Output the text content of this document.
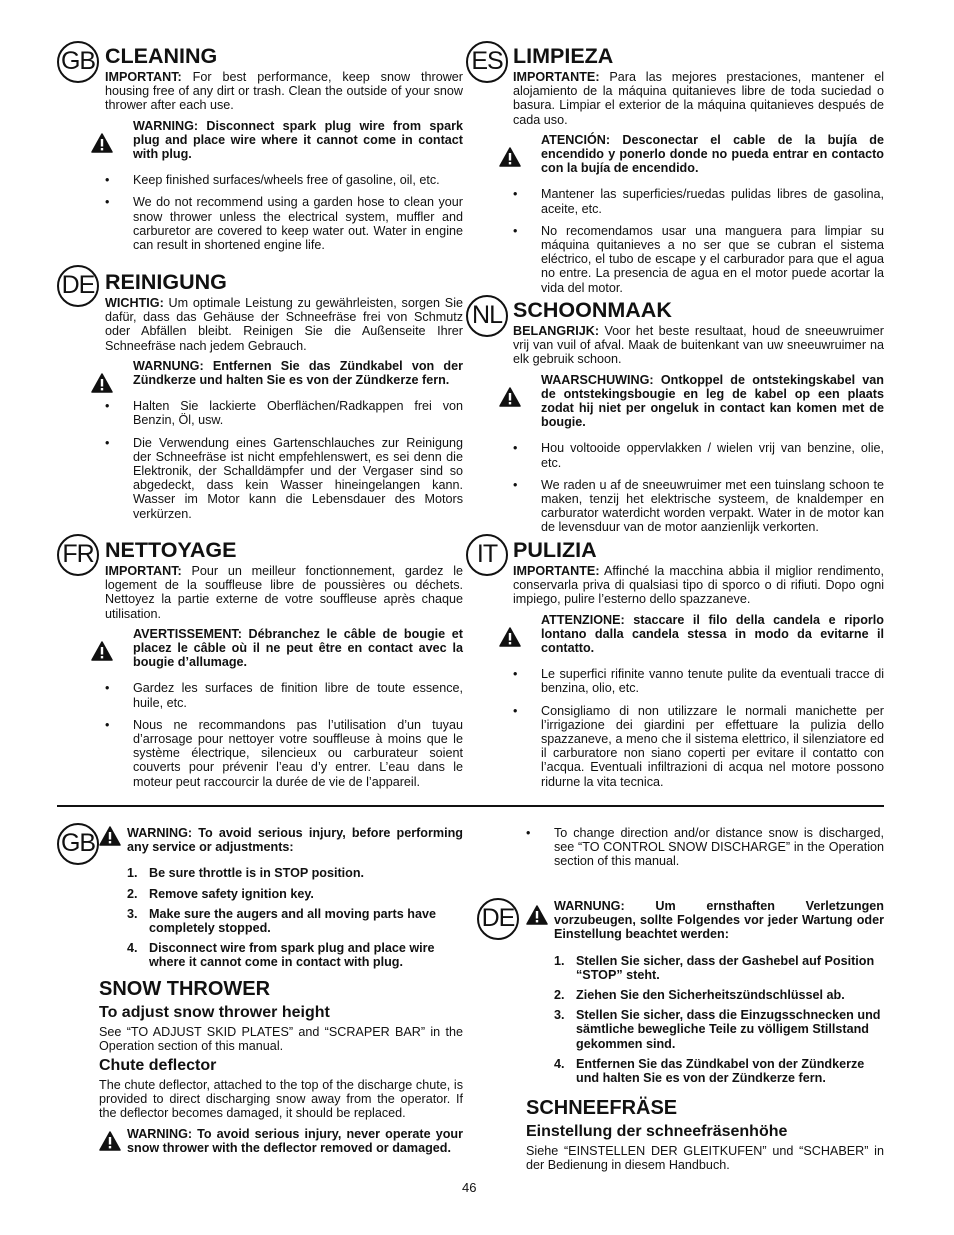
GB CLEANING
IMPORTANT: For best performance, keep snow thrower housing free of any dirt or trash. Clean the outside of your snow thrower after each use.
WARNING: Disconnect spark plug wire from spark plug and place wire where it cannot come in contact with plug.
• Keep finished surfaces/wheels free of gasoline, oil, etc.
• We do not recommend using a garden hose to clean your snow thrower unless the electrical system, muffler and carburetor are covered to keep water out. Water in engine can result in shortened engine life.
DE REINIGUNG
WICHTIG: Um optimale Leistung zu gewährleisten, sorgen Sie dafür, dass das Gehäuse der Schneefräse frei von Schmutz oder Abfällen bleibt. Reinigen Sie die Außenseite Ihrer Schneefräse nach jedem Gebrauch.
WARNUNG: Entfernen Sie das Zündkabel von der Zündkerze und halten Sie es von der Zündkerze fern.
• Halten Sie lackierte Oberflächen/Radkappen frei von Benzin, Öl, usw.
• Die Verwendung eines Gartenschlauches zur Reinigung der Schneefräse ist nicht empfehlenswert, es sei denn die Elektronik, der Schalldämpfer und der Vergaser sind so abgedeckt, dass kein Wasser hineingelangen kann. Wasser im Motor kann die Lebensdauer des Motors verkürzen.
FR NETTOYAGE
IMPORTANT: Pour un meilleur fonctionnement, gardez le logement de la souffleuse libre de poussières ou déchets. Nettoyez la partie externe de votre souffleuse après chaque utilisation.
AVERTISSEMENT: Débranchez le câble de bougie et placez le câble où il ne peut être en contact avec la bougie d’allumage.
• Gardez les surfaces de finition libre de toute essence, huile, etc.
• Nous ne recommandons pas l’utilisation d’un tuyau d’arrosage pour nettoyer votre souffleuse à moins que le système électrique, silencieux ou carburateur soient couverts pour prévenir l’eau d’y entrer. L’eau dans le moteur peut raccourcir la durée de vie de l’appareil.
ES LIMPIEZA
IMPORTANTE: Para las mejores prestaciones, mantener el alojamiento de la máquina quitanieves libre de toda suciedad o basura. Limpiar el exterior de la máquina quitanieves después de cada uso.
ATENCIÓN: Desconectar el cable de la bujía de encendido y ponerlo donde no pueda entrar en contacto con la bujía de encendido.
• Mantener las superficies/ruedas pulidas libres de gasolina, aceite, etc.
• No recomendamos usar una manguera para limpiar su máquina quitanieves a no ser que se cubran el sistema eléctrico, el tubo de escape y el carburador para que el agua no entre. La presencia de agua en el motor puede acortar la vida del motor.
NL SCHOONMAAK
BELANGRIJK: Voor het beste resultaat, houd de sneeuwruimer vrij van vuil of afval. Maak de buitenkant van uw sneeuwruimer na elk gebruik schoon.
WAARSCHUWING: Ontkoppel de ontstekingskabel van de ontstekingsbougie en leg de kabel op een plaats zodat hij niet per ongeluk in contact kan komen met de bougie.
• Hou voltooide oppervlakken / wielen vrij van benzine, olie, etc.
• We raden u af de sneeuwruimer met een tuinslang schoon te maken, tenzij het elektrische systeem, de knaldemper en carburator waterdicht worden verpakt. Water in de motor kan de levensduur van de motor aanzienlijk verkorten.
IT PULIZIA
IMPORTANTE: Affinché la macchina abbia il miglior rendimento, conservarla priva di qualsiasi tipo di sporco o di rifiuti. Dopo ogni impiego, pulire l’esterno dello spazzaneve.
ATTENZIONE: staccare il filo della candela e riporlo lontano dalla candela stessa in modo da evitarne il contatto.
• Le superfici rifinite vanno tenute pulite da eventuali tracce di benzina, olio, etc.
• Consigliamo di non utilizzare le normali manichette per l’irrigazione dei giardini per effettuare la pulizia dello spazzaneve, a meno che il sistema elettrico, il silenziatore ed il carburatore non siano coperti per evitare il contatto con l’acqua. Eventuali infiltrazioni di acqua nel motore possono ridurne la vita tecnica.
GB	WARNING: To avoid serious injury, before performing any service or adjustments:
1. Be sure throttle is in STOP position.
2. Remove safety ignition key.
3. Make sure the augers and all moving parts have completely stopped.
4. Disconnect wire from spark plug and place wire where it cannot come in contact with plug.
SNOW THROWER
To adjust snow thrower height
See “TO ADJUST SKID PLATES” and “SCRAPER BAR” in the Operation section of this manual.
Chute deflector
The chute deflector, attached to the top of the discharge chute, is provided to direct discharging snow away from the operator. If the deflector becomes damaged, it should be replaced.
WARNING: To avoid serious injury, never operate your snow thrower with the deflector removed or damaged.
• To change direction and/or distance snow is discharged, see “TO CONTROL SNOW DISCHARGE” in the Operation section of this manual.
DE	WARNUNG: Um ernsthaften Verletzungen vorzubeugen, sollte Folgendes vor jeder Wartung oder Einstellung beachtet werden:
1. Stellen Sie sicher, dass der Gashebel auf Position “STOP” steht.
2. Ziehen Sie den Sicherheitszündschlüssel ab.
3. Stellen Sie sicher, dass die Einzugsschnecken und sämtliche bewegliche Teile zu völligem Stillstand gekommen sind.
4. Entfernen Sie das Zündkabel von der Zündkerze und halten Sie es von der Zündkerze fern.
SCHNEEFRÄSE
Einstellung der schneefräsenhöhe
Siehe “EINSTELLEN DER GLEITKUFEN” und “SCHABER” in der Bedienung in diesem Handbuch.
46
